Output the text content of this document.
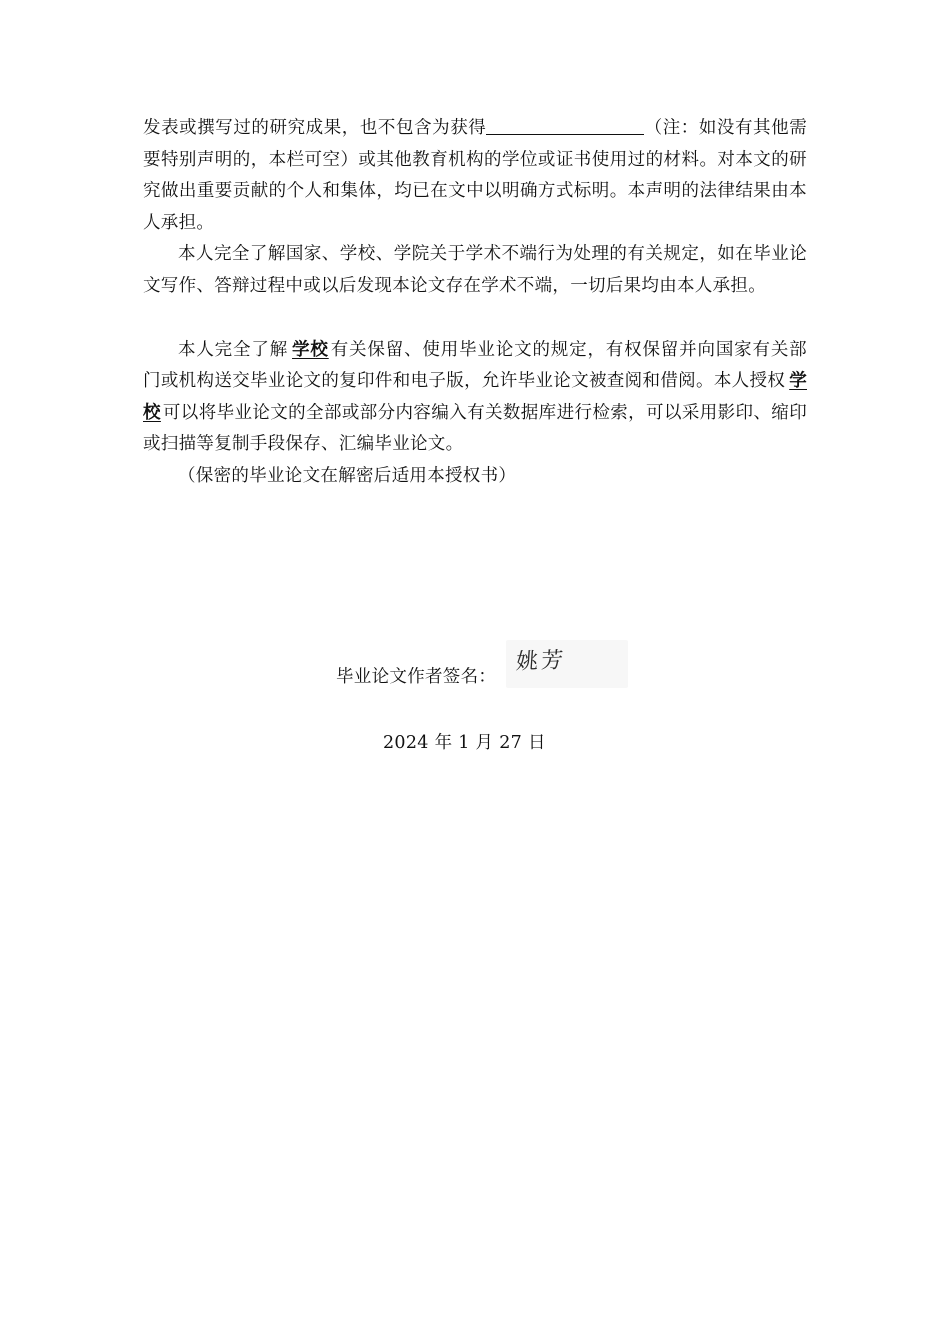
发表或撰写过的研究成果，也不包含为获得	（注：如没有其他需要特别声明的，本栏可空）或其他教育机构的学位或证书使用过的材料。对本文的研究做出重要贡献的个人和集体，均已在文中以明确方式标明。本声明的法律结果由本人承担。

本人完全了解国家、学校、学院关于学术不端行为处理的有关规定，如在毕业论文写作、答辩过程中或以后发现本论文存在学术不端，一切后果均由本人承担。

本人完全了解 学校 有关保留、使用毕业论文的规定，有权保留并向国家有关部门或机构送交毕业论文的复印件和电子版，允许毕业论文被查阅和借阅。本人授权 学校 可以将毕业论文的全部或部分内容编入有关数据库进行检索，可以采用影印、缩印或扫描等复制手段保存、汇编毕业论文。

（保密的毕业论文在解密后适用本授权书）

毕业论文作者签名：
姚芳
2024 年 1 月 27 日
